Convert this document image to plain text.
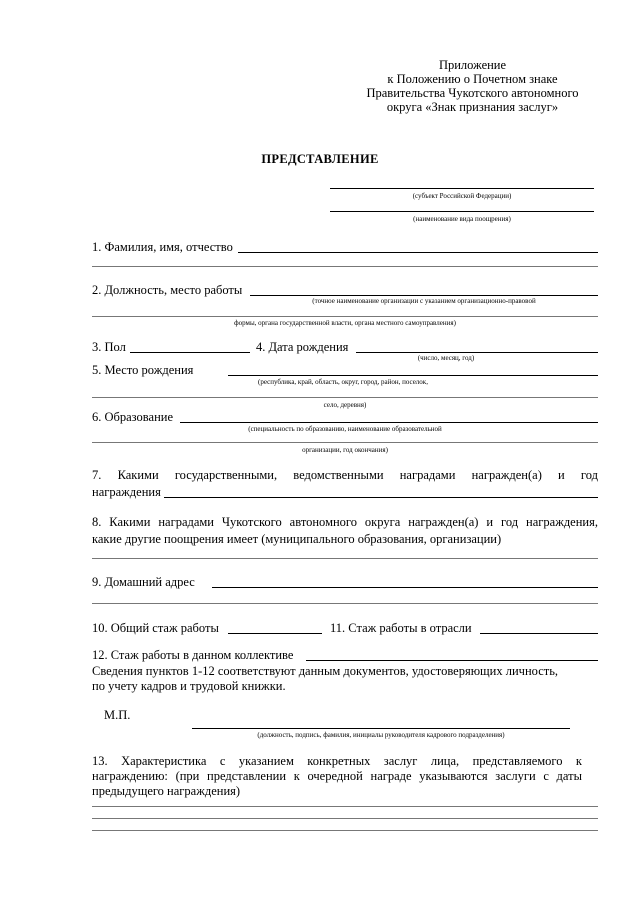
Приложение
к Положению о Почетном знаке
Правительства Чукотского автономного
округа «Знак признания заслуг»
ПРЕДСТАВЛЕНИЕ
(субъект Российской Федерации)
(наименование вида поощрения)
1. Фамилия, имя, отчество
2. Должность, место работы
(точное наименование организации с указанием организационно-правовой
формы, органа государственной власти, органа местного самоуправления)
3. Пол	4. Дата рождения
(число, месяц, год)
5. Место рождения
(республика, край, область, округ, город, район, поселок,
село, деревня)
6. Образование
(специальность по образованию, наименование образовательной
организации, год окончания)
7. Какими государственными, ведомственными наградами награжден(а) и год
награждения
8. Какими наградами Чукотского автономного округа награжден(а) и год награждения,
какие другие поощрения имеет (муниципального образования, организации)
9. Домашний адрес
10. Общий стаж работы	11. Стаж работы в отрасли
12. Стаж работы в данном коллективе
Сведения пунктов 1-12 соответствуют данным документов, удостоверяющих личность,
по учету кадров и трудовой книжки.
М.П.
(должность, подпись, фамилия, инициалы руководителя кадрового подразделения)
13. Характеристика с указанием конкретных заслуг лица, представляемого к
награждению: (при представлении к очередной награде указываются заслуги с даты
предыдущего награждения)
